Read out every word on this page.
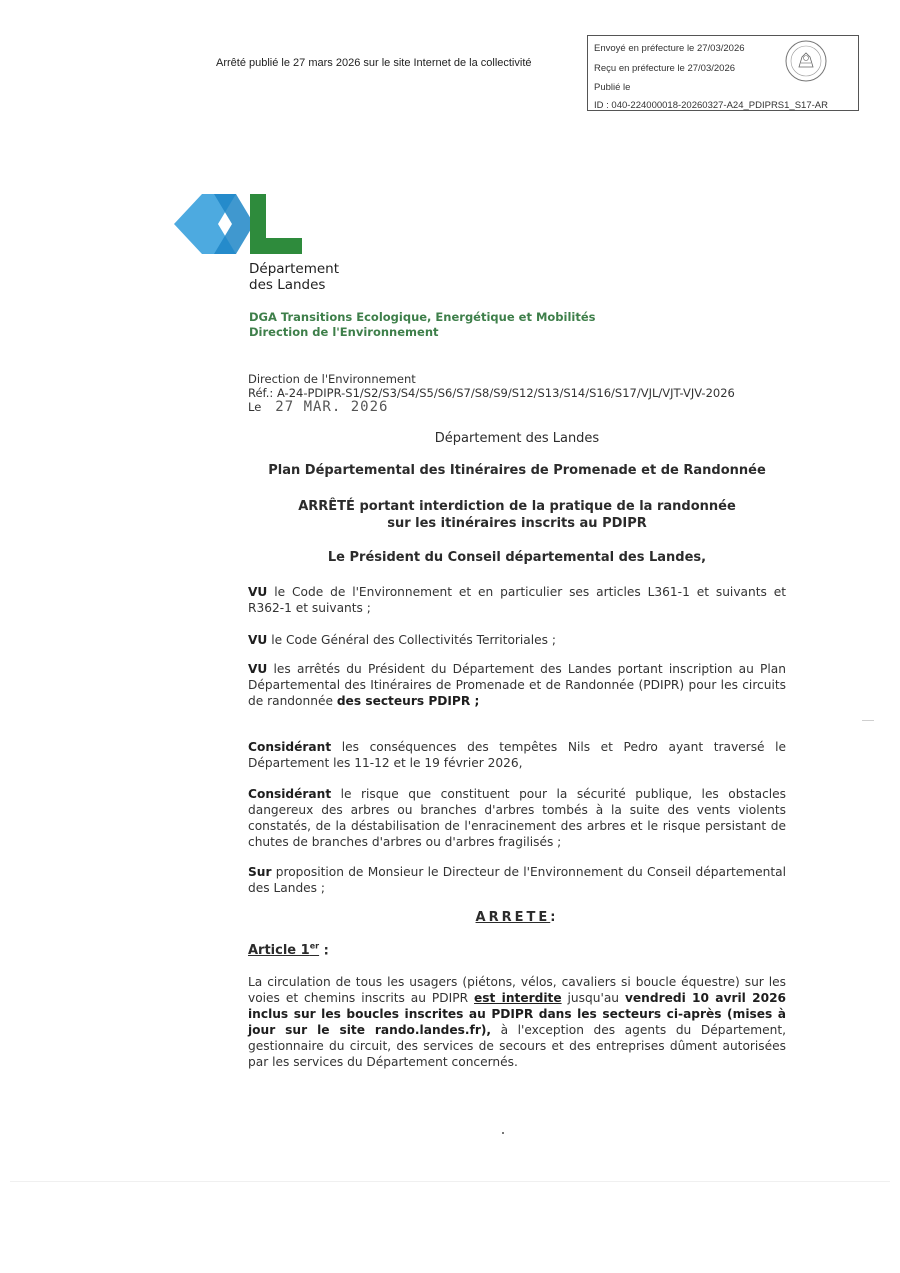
Arrêté publié le 27 mars 2026 sur le site Internet de la collectivité
Envoyé en préfecture le 27/03/2026
Reçu en préfecture le 27/03/2026
Publié le
ID : 040-224000018-20260327-A24_PDIPRS1_S17-AR
Département
des Landes
DGA Transitions Ecologique, Energétique et Mobilités
Direction de l'Environnement
Direction de l'Environnement
Réf.: A-24-PDIPR-S1/S2/S3/S4/S5/S6/S7/S8/S9/S12/S13/S14/S16/S17/VJL/VJT-VJV-2026
Le 27 MAR. 2026
Département des Landes
Plan Départemental des Itinéraires de Promenade et de Randonnée
ARRÊTÉ portant interdiction de la pratique de la randonnée
sur les itinéraires inscrits au PDIPR
Le Président du Conseil départemental des Landes,
VU le Code de l'Environnement et en particulier ses articles L361-1 et suivants et R362-1 et suivants ;
VU le Code Général des Collectivités Territoriales ;
VU les arrêtés du Président du Département des Landes portant inscription au Plan Départemental des Itinéraires de Promenade et de Randonnée (PDIPR) pour les circuits de randonnée des secteurs PDIPR ;
Considérant les conséquences des tempêtes Nils et Pedro ayant traversé le Département les 11-12 et le 19 février 2026,
Considérant le risque que constituent pour la sécurité publique, les obstacles dangereux des arbres ou branches d'arbres tombés à la suite des vents violents constatés, de la déstabilisation de l'enracinement des arbres et le risque persistant de chutes de branches d'arbres ou d'arbres fragilisés ;
Sur proposition de Monsieur le Directeur de l'Environnement du Conseil départemental des Landes ;
ARRETE:
Article 1er :
La circulation de tous les usagers (piétons, vélos, cavaliers si boucle équestre) sur les voies et chemins inscrits au PDIPR est interdite jusqu'au vendredi 10 avril 2026 inclus sur les boucles inscrites au PDIPR dans les secteurs ci-après (mises à jour sur le site rando.landes.fr), à l'exception des agents du Département, gestionnaire du circuit, des services de secours et des entreprises dûment autorisées par les services du Département concernés.
